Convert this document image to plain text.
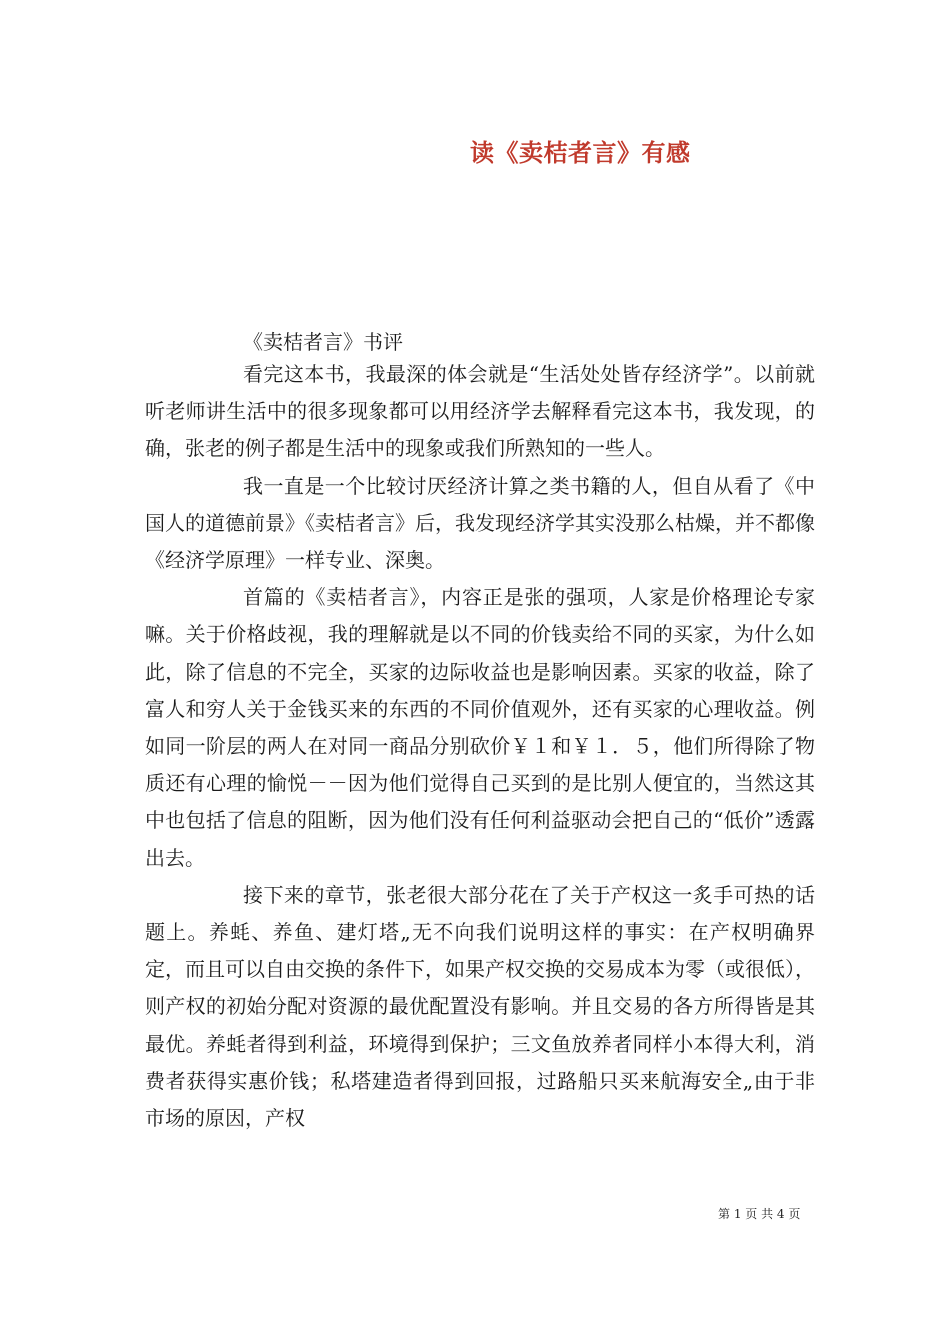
读《卖桔者言》有感
《卖桔者言》书评

看完这本书，我最深的体会就是“生活处处皆存经济学”。以前就听老师讲生活中的很多现象都可以用经济学去解释看完这本书，我发现，的确，张老的例子都是生活中的现象或我们所熟知的一些人。

我一直是一个比较讨厌经济计算之类书籍的人，但自从看了《中国人的道德前景》《卖桔者言》后，我发现经济学其实没那么枯燥，并不都像《经济学原理》一样专业、深奥。

首篇的《卖桔者言》，内容正是张的强项，人家是价格理论专家嘛。关于价格歧视，我的理解就是以不同的价钱卖给不同的买家，为什么如此，除了信息的不完全，买家的边际收益也是影响因素。买家的收益，除了富人和穷人关于金钱买来的东西的不同价值观外，还有买家的心理收益。例如同一阶层的两人在对同一商品分别砍价￥１和￥１．５，他们所得除了物质还有心理的愉悦－－因为他们觉得自己买到的是比别人便宜的，当然这其中也包括了信息的阻断，因为他们没有任何利益驱动会把自己的“低价”透露出去。

接下来的章节，张老很大部分花在了关于产权这一炙手可热的话题上。养蚝、养鱼、建灯塔„无不向我们说明这样的事实：在产权明确界定，而且可以自由交换的条件下，如果产权交换的交易成本为零（或很低），则产权的初始分配对资源的最优配置没有影响。并且交易的各方所得皆是其最优。养蚝者得到利益，环境得到保护；三文鱼放养者同样小本得大利，消费者获得实惠价钱；私塔建造者得到回报，过路船只买来航海安全„由于非市场的原因，产权

第 1 页 共 4 页
